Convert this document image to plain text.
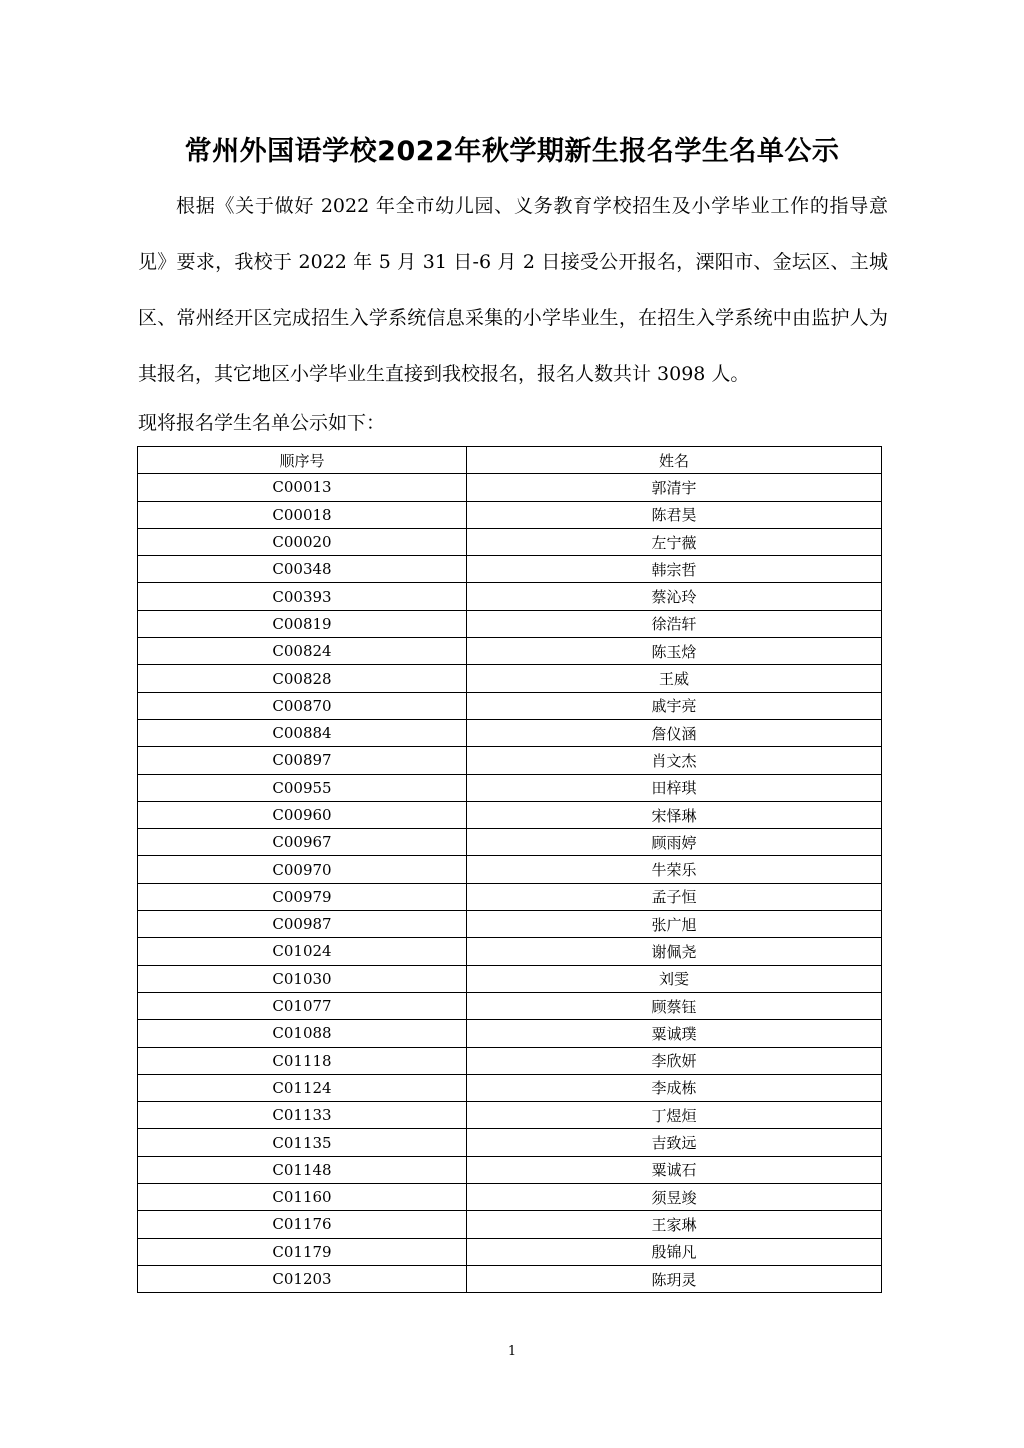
常州外国语学校2022年秋学期新生报名学生名单公示

根据《关于做好 2022 年全市幼儿园、义务教育学校招生及小学毕业工作的指导意见》要求，我校于 2022 年 5 月 31 日-6 月 2 日接受公开报名，溧阳市、金坛区、主城区、常州经开区完成招生入学系统信息采集的小学毕业生，在招生入学系统中由监护人为其报名，其它地区小学毕业生直接到我校报名，报名人数共计 3098 人。

现将报名学生名单公示如下：
顺序号	姓名
C00013	郭清宇
C00018	陈君昊
C00020	左宁薇
C00348	韩宗哲
C00393	蔡沁玲
C00819	徐浩轩
C00824	陈玉焓
C00828	王威
C00870	戚宇亮
C00884	詹仪涵
C00897	肖文杰
C00955	田梓琪
C00960	宋怿琳
C00967	顾雨婷
C00970	牛荣乐
C00979	孟子恒
C00987	张广旭
C01024	谢佩尧
C01030	刘雯
C01077	顾蔡钰
C01088	粟诚璞
C01118	李欣妍
C01124	李成栋
C01133	丁煜烜
C01135	吉致远
C01148	粟诚石
C01160	须昱竣
C01176	王家琳
C01179	殷锦凡
C01203	陈玥灵
1
